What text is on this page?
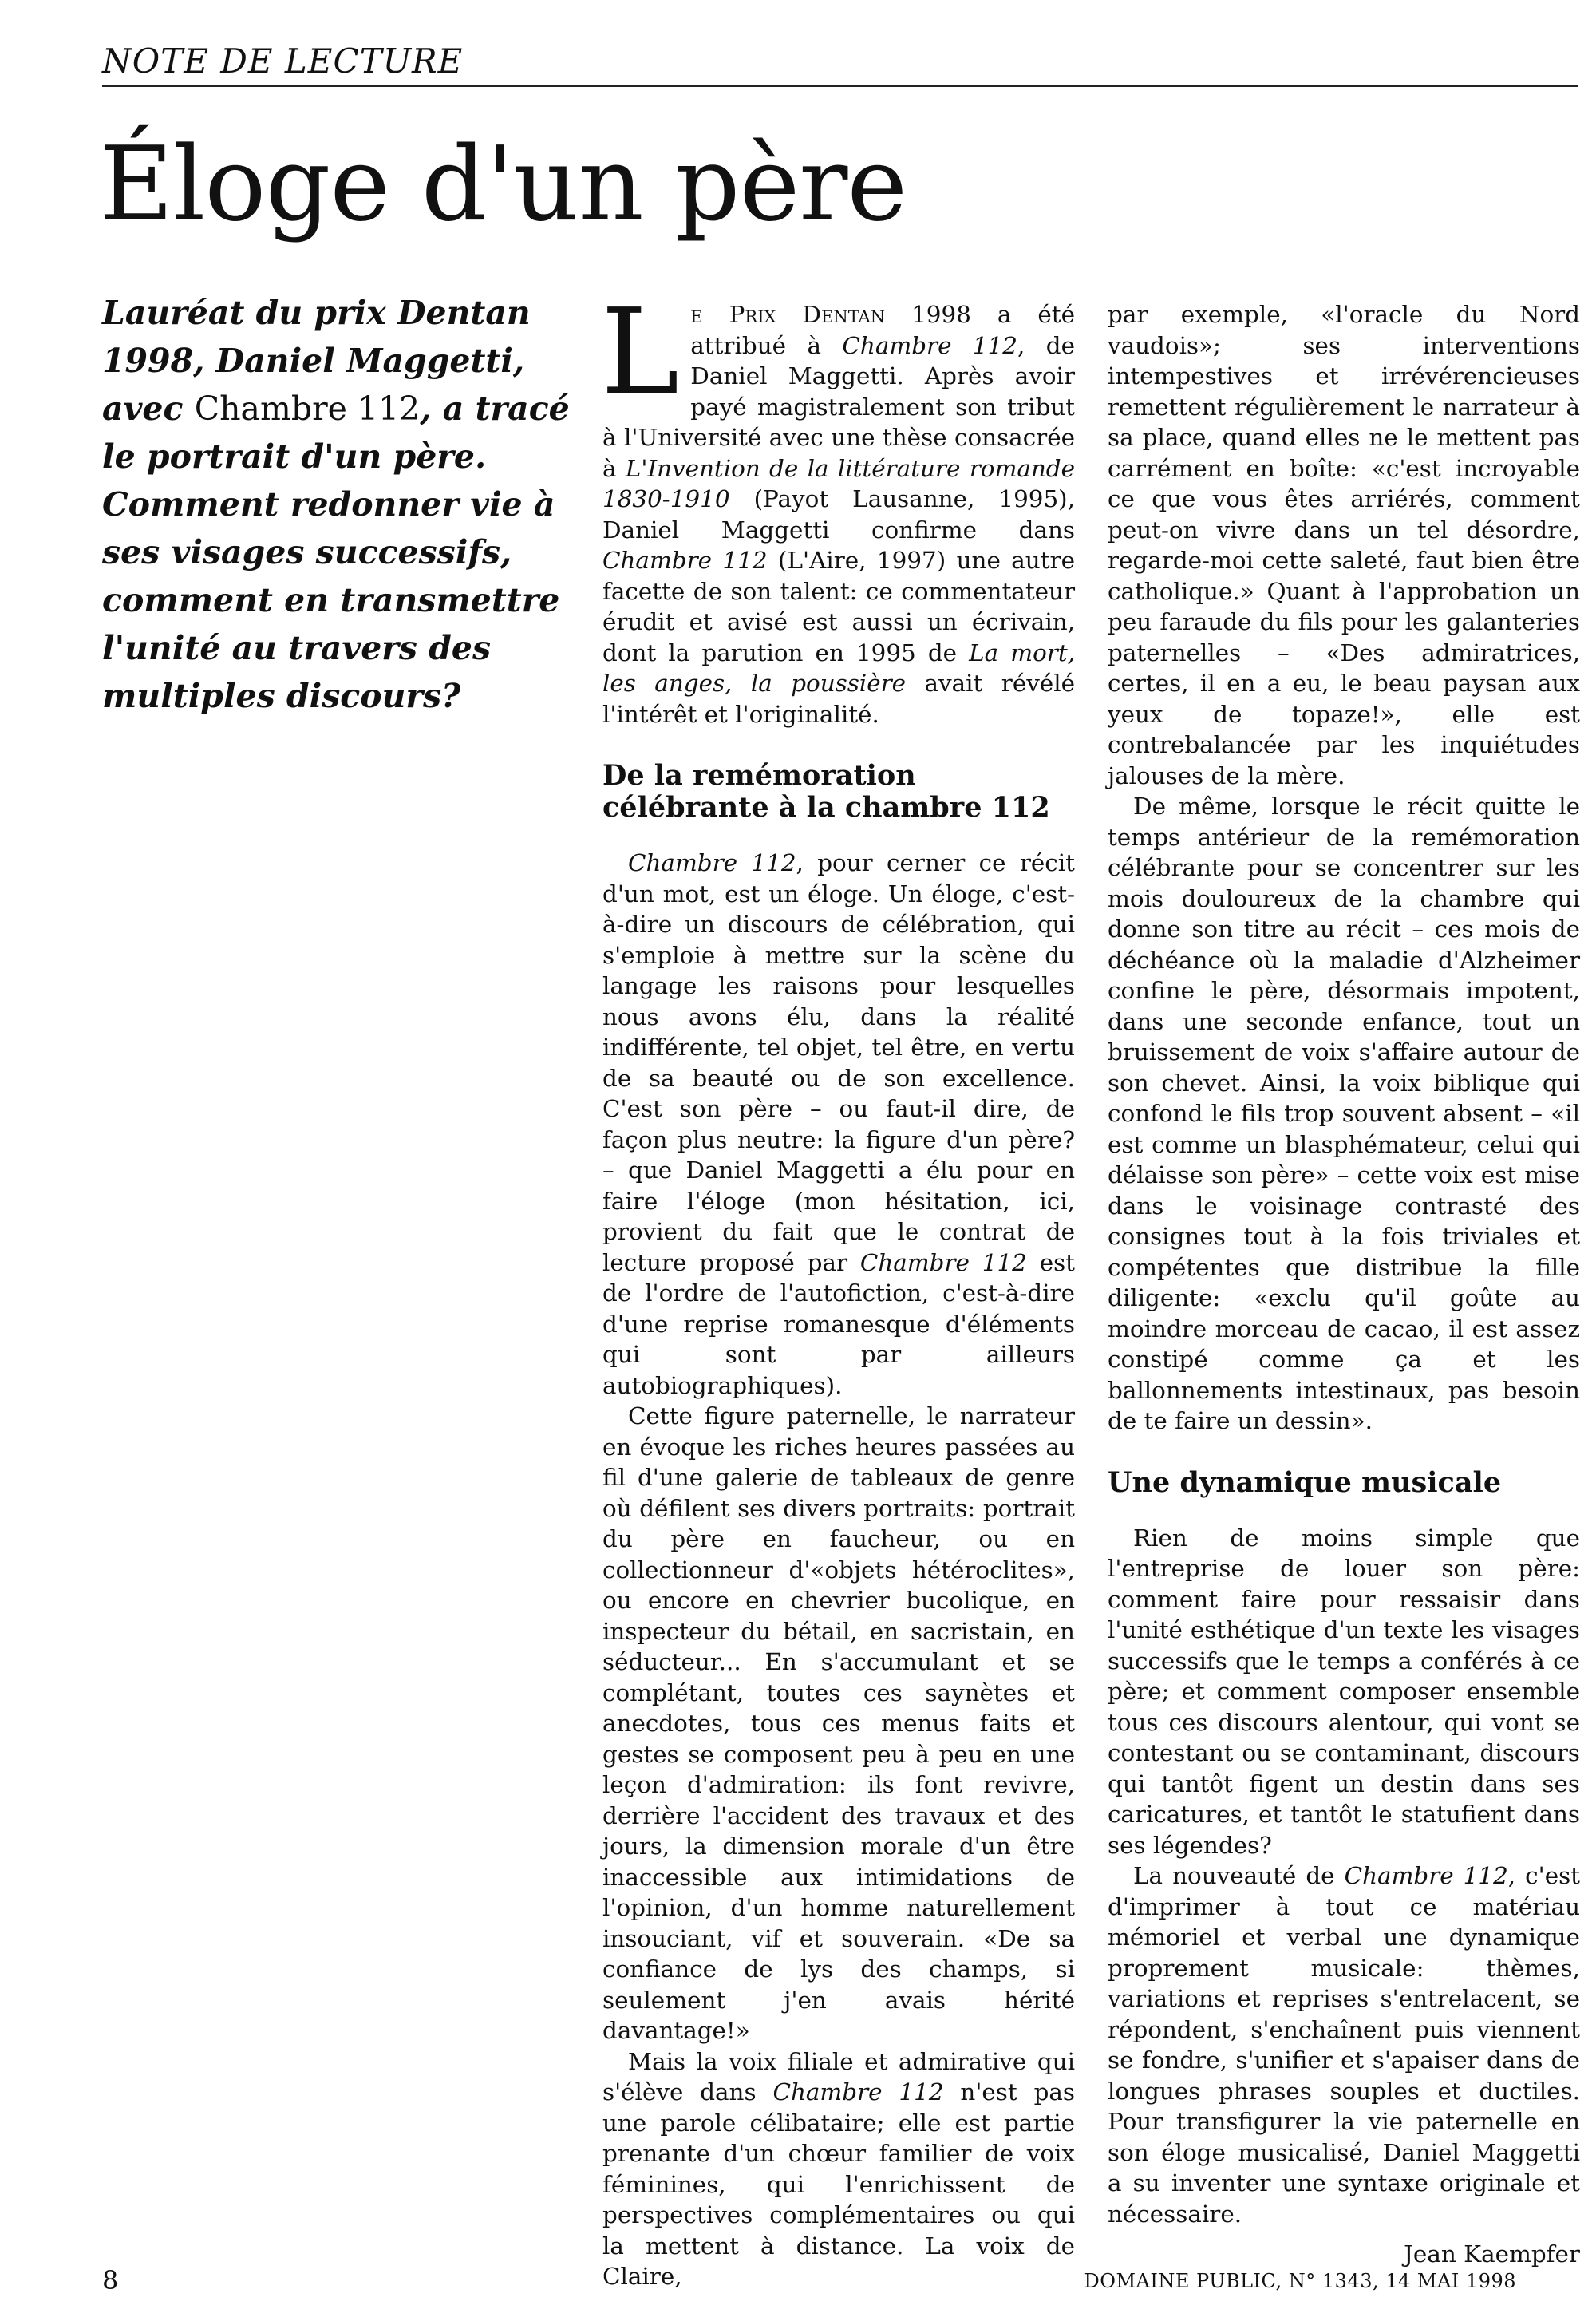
NOTE DE LECTURE
Éloge d'un père
Lauréat du prix Dentan 1998, Daniel Maggetti, avec Chambre 112, a tracé le portrait d'un père. Comment redonner vie à ses visages successifs, comment en transmettre l'unité au travers des multiples discours?

Le Prix Dentan 1998 a été attribué à Chambre 112, de Daniel Maggetti. Après avoir payé magistralement son tribut à l'Université avec une thèse consacrée à L'Invention de la littérature romande 1830-1910 (Payot Lausanne, 1995), Daniel Maggetti confirme dans Chambre 112 (L'Aire, 1997) une autre facette de son talent: ce commentateur érudit et avisé est aussi un écrivain, dont la parution en 1995 de La mort, les anges, la poussière avait révélé l'intérêt et l'originalité.

De la remémoration célébrante à la chambre 112

Chambre 112, pour cerner ce récit d'un mot, est un éloge. Un éloge, c'est-à-dire un discours de célébration, qui s'emploie à mettre sur la scène du langage les raisons pour lesquelles nous avons élu, dans la réalité indifférente, tel objet, tel être, en vertu de sa beauté ou de son excellence. C'est son père – ou faut-il dire, de façon plus neutre: la figure d'un père? – que Daniel Maggetti a élu pour en faire l'éloge (mon hésitation, ici, provient du fait que le contrat de lecture proposé par Chambre 112 est de l'ordre de l'autofiction, c'est-à-dire d'une reprise romanesque d'éléments qui sont par ailleurs autobiographiques).

Cette figure paternelle, le narrateur en évoque les riches heures passées au fil d'une galerie de tableaux de genre où défilent ses divers portraits: portrait du père en faucheur, ou en collectionneur d'«objets hétéroclites», ou encore en chevrier bucolique, en inspecteur du bétail, en sacristain, en séducteur... En s'accumulant et se complétant, toutes ces saynètes et anecdotes, tous ces menus faits et gestes se composent peu à peu en une leçon d'admiration: ils font revivre, derrière l'accident des travaux et des jours, la dimension morale d'un être inaccessible aux intimidations de l'opinion, d'un homme naturellement insouciant, vif et souverain. «De sa confiance de lys des champs, si seulement j'en avais hérité davantage!»

Mais la voix filiale et admirative qui s'élève dans Chambre 112 n'est pas une parole célibataire; elle est partie prenante d'un chœur familier de voix féminines, qui l'enrichissent de perspectives complémentaires ou qui la mettent à distance. La voix de Claire,

par exemple, «l'oracle du Nord vaudois»; ses interventions intempestives et irrévérencieuses remettent régulièrement le narrateur à sa place, quand elles ne le mettent pas carrément en boîte: «c'est incroyable ce que vous êtes arriérés, comment peut-on vivre dans un tel désordre, regarde-moi cette saleté, faut bien être catholique.» Quant à l'approbation un peu faraude du fils pour les galanteries paternelles – «Des admiratrices, certes, il en a eu, le beau paysan aux yeux de topaze!», elle est contrebalancée par les inquiétudes jalouses de la mère.

De même, lorsque le récit quitte le temps antérieur de la remémoration célébrante pour se concentrer sur les mois douloureux de la chambre qui donne son titre au récit – ces mois de déchéance où la maladie d'Alzheimer confine le père, désormais impotent, dans une seconde enfance, tout un bruissement de voix s'affaire autour de son chevet. Ainsi, la voix biblique qui confond le fils trop souvent absent – «il est comme un blasphémateur, celui qui délaisse son père» – cette voix est mise dans le voisinage contrasté des consignes tout à la fois triviales et compétentes que distribue la fille diligente: «exclu qu'il goûte au moindre morceau de cacao, il est assez constipé comme ça et les ballonnements intestinaux, pas besoin de te faire un dessin».

Une dynamique musicale

Rien de moins simple que l'entreprise de louer son père: comment faire pour ressaisir dans l'unité esthétique d'un texte les visages successifs que le temps a conférés à ce père; et comment composer ensemble tous ces discours alentour, qui vont se contestant ou se contaminant, discours qui tantôt figent un destin dans ses caricatures, et tantôt le statufient dans ses légendes?

La nouveauté de Chambre 112, c'est d'imprimer à tout ce matériau mémoriel et verbal une dynamique proprement musicale: thèmes, variations et reprises s'entrelacent, se répondent, s'enchaînent puis viennent se fondre, s'unifier et s'apaiser dans de longues phrases souples et ductiles. Pour transfigurer la vie paternelle en son éloge musicalisé, Daniel Maggetti a su inventer une syntaxe originale et nécessaire.

Jean Kaempfer
8	DOMAINE PUBLIC, N° 1343, 14 MAI 1998
